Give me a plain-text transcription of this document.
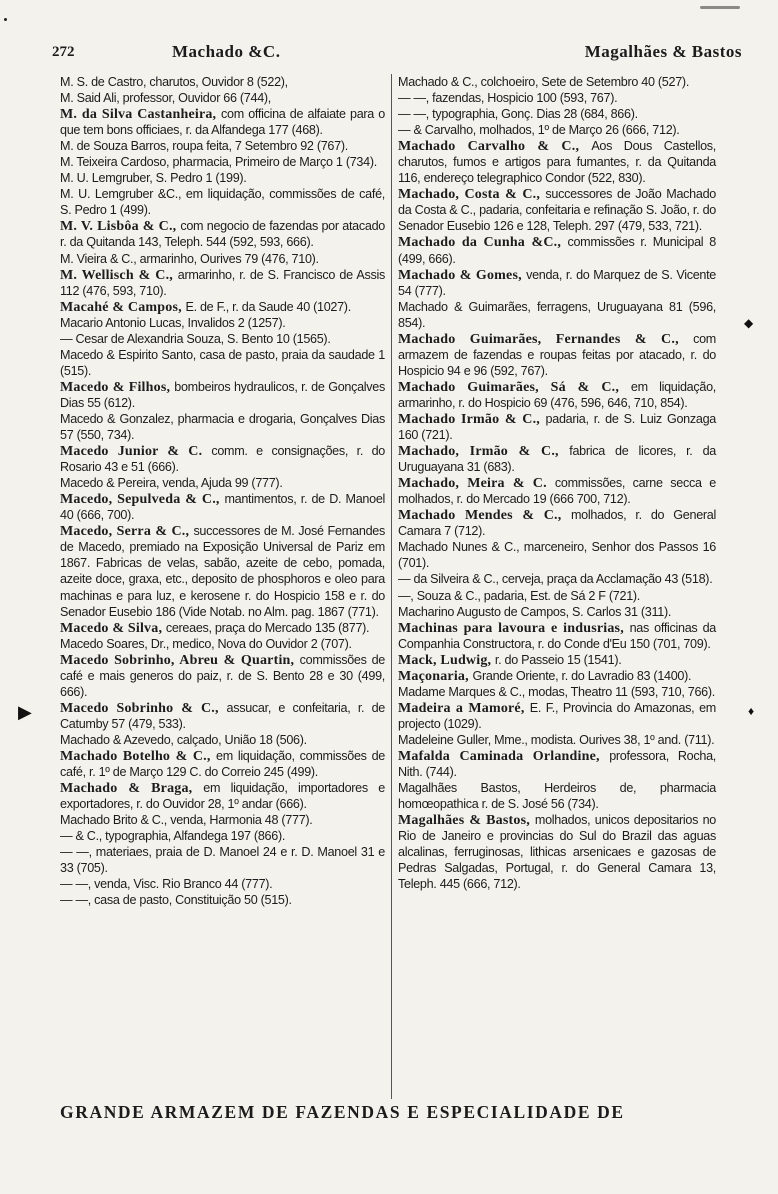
272	Machado &C.	Magalhães & Bastos

M. S. de Castro, charutos, Ouvidor 8 (522),

M. Said Ali, professor, Ouvidor 66 (744),

M. da Silva Castanheira, com officina de alfaiate para o que tem bons officiaes, r. da Alfandega 177 (468).

M. de Souza Barros, roupa feita, 7 Setembro 92 (767).

M. Teixeira Cardoso, pharmacia, Primeiro de Março 1 (734).

M. U. Lemgruber, S. Pedro 1 (199).

M. U. Lemgruber &C., em liquidação, commissões de café, S. Pedro 1 (499).

M. V. Lisbôa & C., com negocio de fazendas por atacado r. da Quitanda 143, Teleph. 544 (592, 593, 666).

M. Vieira & C., armarinho, Ourives 79 (476, 710).

M. Wellisch & C., armarinho, r. de S. Francisco de Assis 112 (476, 593, 710).

Macahé & Campos, E. de F., r. da Saude 40 (1027).

Macario Antonio Lucas, Invalidos 2 (1257).

— Cesar de Alexandria Souza, S. Bento 10 (1565).

Macedo & Espirito Santo, casa de pasto, praia da saudade 1 (515).

Macedo & Filhos, bombeiros hydraulicos, r. de Gonçalves Dias 55 (612).

Macedo & Gonzalez, pharmacia e drogaria, Gonçalves Dias 57 (550, 734).

Macedo Junior & C. comm. e consignações, r. do Rosario 43 e 51 (666).

Macedo & Pereira, venda, Ajuda 99 (777).

Macedo, Sepulveda & C., mantimentos, r. de D. Manoel 40 (666, 700).

Macedo, Serra & C., successores de M. José Fernandes de Macedo, premiado na Exposição Universal de Pariz em 1867. Fabricas de velas, sabão, azeite de cebo, pomada, azeite doce, graxa, etc., deposito de phosphoros e oleo para machinas e para luz, e kerosene r. do Hospicio 158 e r. do Senador Eusebio 186 (Vide Notab. no Alm. pag. 1867 (771).

Macedo & Silva, cereaes, praça do Mercado 135 (877).

Macedo Soares, Dr., medico, Nova do Ouvidor 2 (707).

Macedo Sobrinho, Abreu & Quartin, commissões de café e mais generos do paiz, r. de S. Bento 28 e 30 (499, 666).

Macedo Sobrinho & C., assucar, e confeitaria, r. de Catumby 57 (479, 533).

Machado & Azevedo, calçado, União 18 (506).

Machado Botelho & C., em liquidação, commissões de café, r. 1º de Março 129 C. do Correio 245 (499).

Machado & Braga, em liquidação, importadores e exportadores, r. do Ouvidor 28, 1º andar (666).

Machado Brito & C., venda, Harmonia 48 (777).

— & C., typographia, Alfandega 197 (866).

— —, materiaes, praia de D. Manoel 24 e r. D. Manoel 31 e 33 (705).

— —, venda, Visc. Rio Branco 44 (777).

— —, casa de pasto, Constituição 50 (515).

Machado & C., colchoeiro, Sete de Setembro 40 (527).

— —, fazendas, Hospicio 100 (593, 767).

— —, typographia, Gonç. Dias 28 (684, 866).

— & Carvalho, molhados, 1º de Março 26 (666, 712).

Machado Carvalho & C., Aos Dous Castellos, charutos, fumos e artigos para fumantes, r. da Quitanda 116, endereço telegraphico Condor (522, 830).

Machado, Costa & C., successores de João Machado da Costa & C., padaria, confeitaria e refinação S. João, r. do Senador Eusebio 126 e 128, Teleph. 297 (479, 533, 721).

Machado da Cunha &C., commissões r. Municipal 8 (499, 666).

Machado & Gomes, venda, r. do Marquez de S. Vicente 54 (777).

Machado & Guimarães, ferragens, Uruguayana 81 (596, 854).

Machado Guimarães, Fernandes & C., com armazem de fazendas e roupas feitas por atacado, r. do Hospicio 94 e 96 (592, 767).

Machado Guimarães, Sá & C., em liquidação, armarinho, r. do Hospicio 69 (476, 596, 646, 710, 854).

Machado Irmão & C., padaria, r. de S. Luiz Gonzaga 160 (721).

Machado, Irmão & C., fabrica de licores, r. da Uruguayana 31 (683).

Machado, Meira & C. commissões, carne secca e molhados, r. do Mercado 19 (666 700, 712).

Machado Mendes & C., molhados, r. do General Camara 7 (712).

Machado Nunes & C., marceneiro, Senhor dos Passos 16 (701).

— da Silveira & C., cerveja, praça da Acclamação 43 (518).

—, Souza & C., padaria, Est. de Sá 2 F (721).

Macharino Augusto de Campos, S. Carlos 31 (311).

Machinas para lavoura e indusrias, nas officinas da Companhia Constructora, r. do Conde d'Eu 150 (701, 709).

Mack, Ludwig, r. do Passeio 15 (1541).

Maçonaria, Grande Oriente, r. do Lavradio 83 (1400).

Madame Marques & C., modas, Theatro 11 (593, 710, 766).

Madeira a Mamoré, E. F., Provincia do Amazonas, em projecto (1029).

Madeleine Guller, Mme., modista. Ourives 38, 1º and. (711).

Mafalda Caminada Orlandine, professora, Rocha, Nith. (744).

Magalhães Bastos, Herdeiros de, pharmacia homœopathica r. de S. José 56 (734).

Magalhães & Bastos, molhados, unicos depositarios no Rio de Janeiro e provincias do Sul do Brazil das aguas alcalinas, ferruginosas, lithicas arsenicaes e gazosas de Pedras Salgadas, Portugal, r. do General Camara 13, Teleph. 445 (666, 712).

GRANDE ARMAZEM DE FAZENDAS E ESPECIALIDADE DE
▶
◆
♦
